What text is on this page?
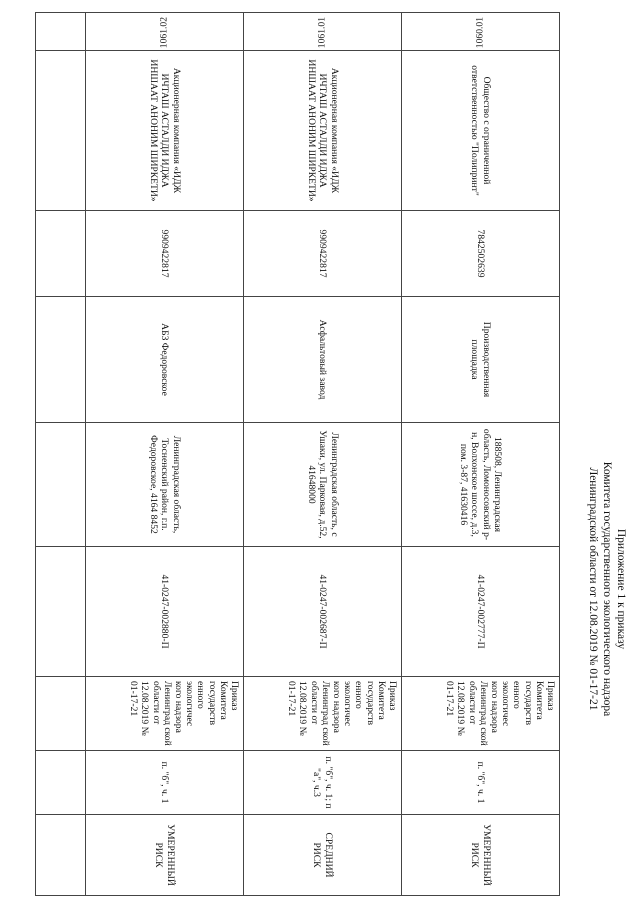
Приложение 1 к приказу
Комитета государственного экологического надзора
Ленинградской области от 12.08.2019 № 01-17-21
1060.01	Общество с ограниченной ответственностью "Полипринт"	7842502639	Производственная площадка	188508, Ленинградская область, Ломоносовский р-н, Волхонское шоссе, д.3, пом. 3-87, 41630416	41-0247-002777-П	Приказ Комитета государств енного экологичес кого надзора Ленинград ской области от 12.08.2019 № 01-17-21	п. "б", ч. 1	УМЕРЕННЫЙ РИСК
1061.01	Акционерная компания «ИДЖ ИЧТАШ АСТАЛДИ ИДЖА ИНШААТ АНОНИМ ШИРКЕТИ»	9909422817	Асфальтовый завод	Ленинградская область, с Ушаки, ул. Парковая, д.52, 41648000	41-0247-002687-П	Приказ Комитета государств енного экологичес кого надзора Ленинград ской области от 12.08.2019 № 01-17-21	п. "б", ч. 1; п "а", ч.3	СРЕДНИЙ РИСК
1061.02	Акционерная компания «ИДЖ ИЧТАШ АСТАЛДИ ИДЖА ИНШААТ АНОНИМ ШИРКЕТИ»	9909422817	АБЗ Федоровское	Ленинградская область, Тосненский район, г.п. Федоровское, 4164 8452	41-0247-002880-П	Приказ Комитета государств енного экологичес кого надзора Ленинград ской области от 12.08.2019 № 01-17-21	п. "б", ч. 1	УМЕРЕННЫЙ РИСК
